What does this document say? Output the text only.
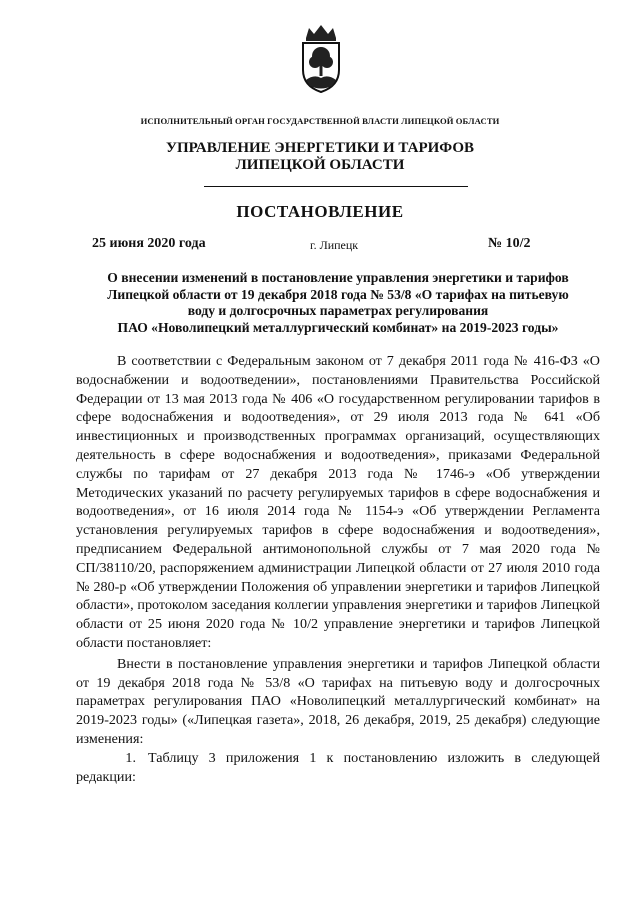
ИСПОЛНИТЕЛЬНЫЙ ОРГАН ГОСУДАРСТВЕННОЙ ВЛАСТИ ЛИПЕЦКОЙ ОБЛАСТИ
УПРАВЛЕНИЕ ЭНЕРГЕТИКИ И ТАРИФОВ
ЛИПЕЦКОЙ ОБЛАСТИ
ПОСТАНОВЛЕНИЕ
25 июня 2020 года	г. Липецк	№ 10/2
О внесении изменений в постановление управления энергетики и тарифов
Липецкой области от 19 декабря 2018 года № 53/8 «О тарифах на питьевую
воду и долгосрочных параметрах регулирования
ПАО «Новолипецкий металлургический комбинат» на 2019-2023 годы»

В соответствии с Федеральным законом от 7 декабря 2011 года № 416-ФЗ «О водоснабжении и водоотведении», постановлениями Правительства Российской Федерации от 13 мая 2013 года № 406 «О государственном регулировании тарифов в сфере водоснабжения и водоотведения», от 29 июля 2013 года № 641 «Об инвестиционных и производственных программах организаций, осуществляющих деятельность в сфере водоснабжения и водоотведения», приказами Федеральной службы по тарифам от 27 декабря 2013 года № 1746-э «Об утверждении Методических указаний по расчету регулируемых тарифов в сфере водоснабжения и водоотведения», от 16 июля 2014 года № 1154-э «Об утверждении Регламента установления регулируемых тарифов в сфере водоснабжения и водоотведения», предписанием Федеральной антимонопольной службы от 7 мая 2020 года № СП/38110/20, распоряжением администрации Липецкой области от 27 июля 2010 года № 280-р «Об утверждении Положения об управлении энергетики и тарифов Липецкой области», протоколом заседания коллегии управления энергетики и тарифов Липецкой области от 25 июня 2020 года № 10/2 управление энергетики и тарифов Липецкой области постановляет:

Внести в постановление управления энергетики и тарифов Липецкой области от 19 декабря 2018 года № 53/8 «О тарифах на питьевую воду и долгосрочных параметрах регулирования ПАО «Новолипецкий металлургический комбинат» на 2019-2023 годы» («Липецкая газета», 2018, 26 декабря, 2019, 25 декабря) следующие изменения:

1. Таблицу 3 приложения 1 к постановлению изложить в следующей редакции:
